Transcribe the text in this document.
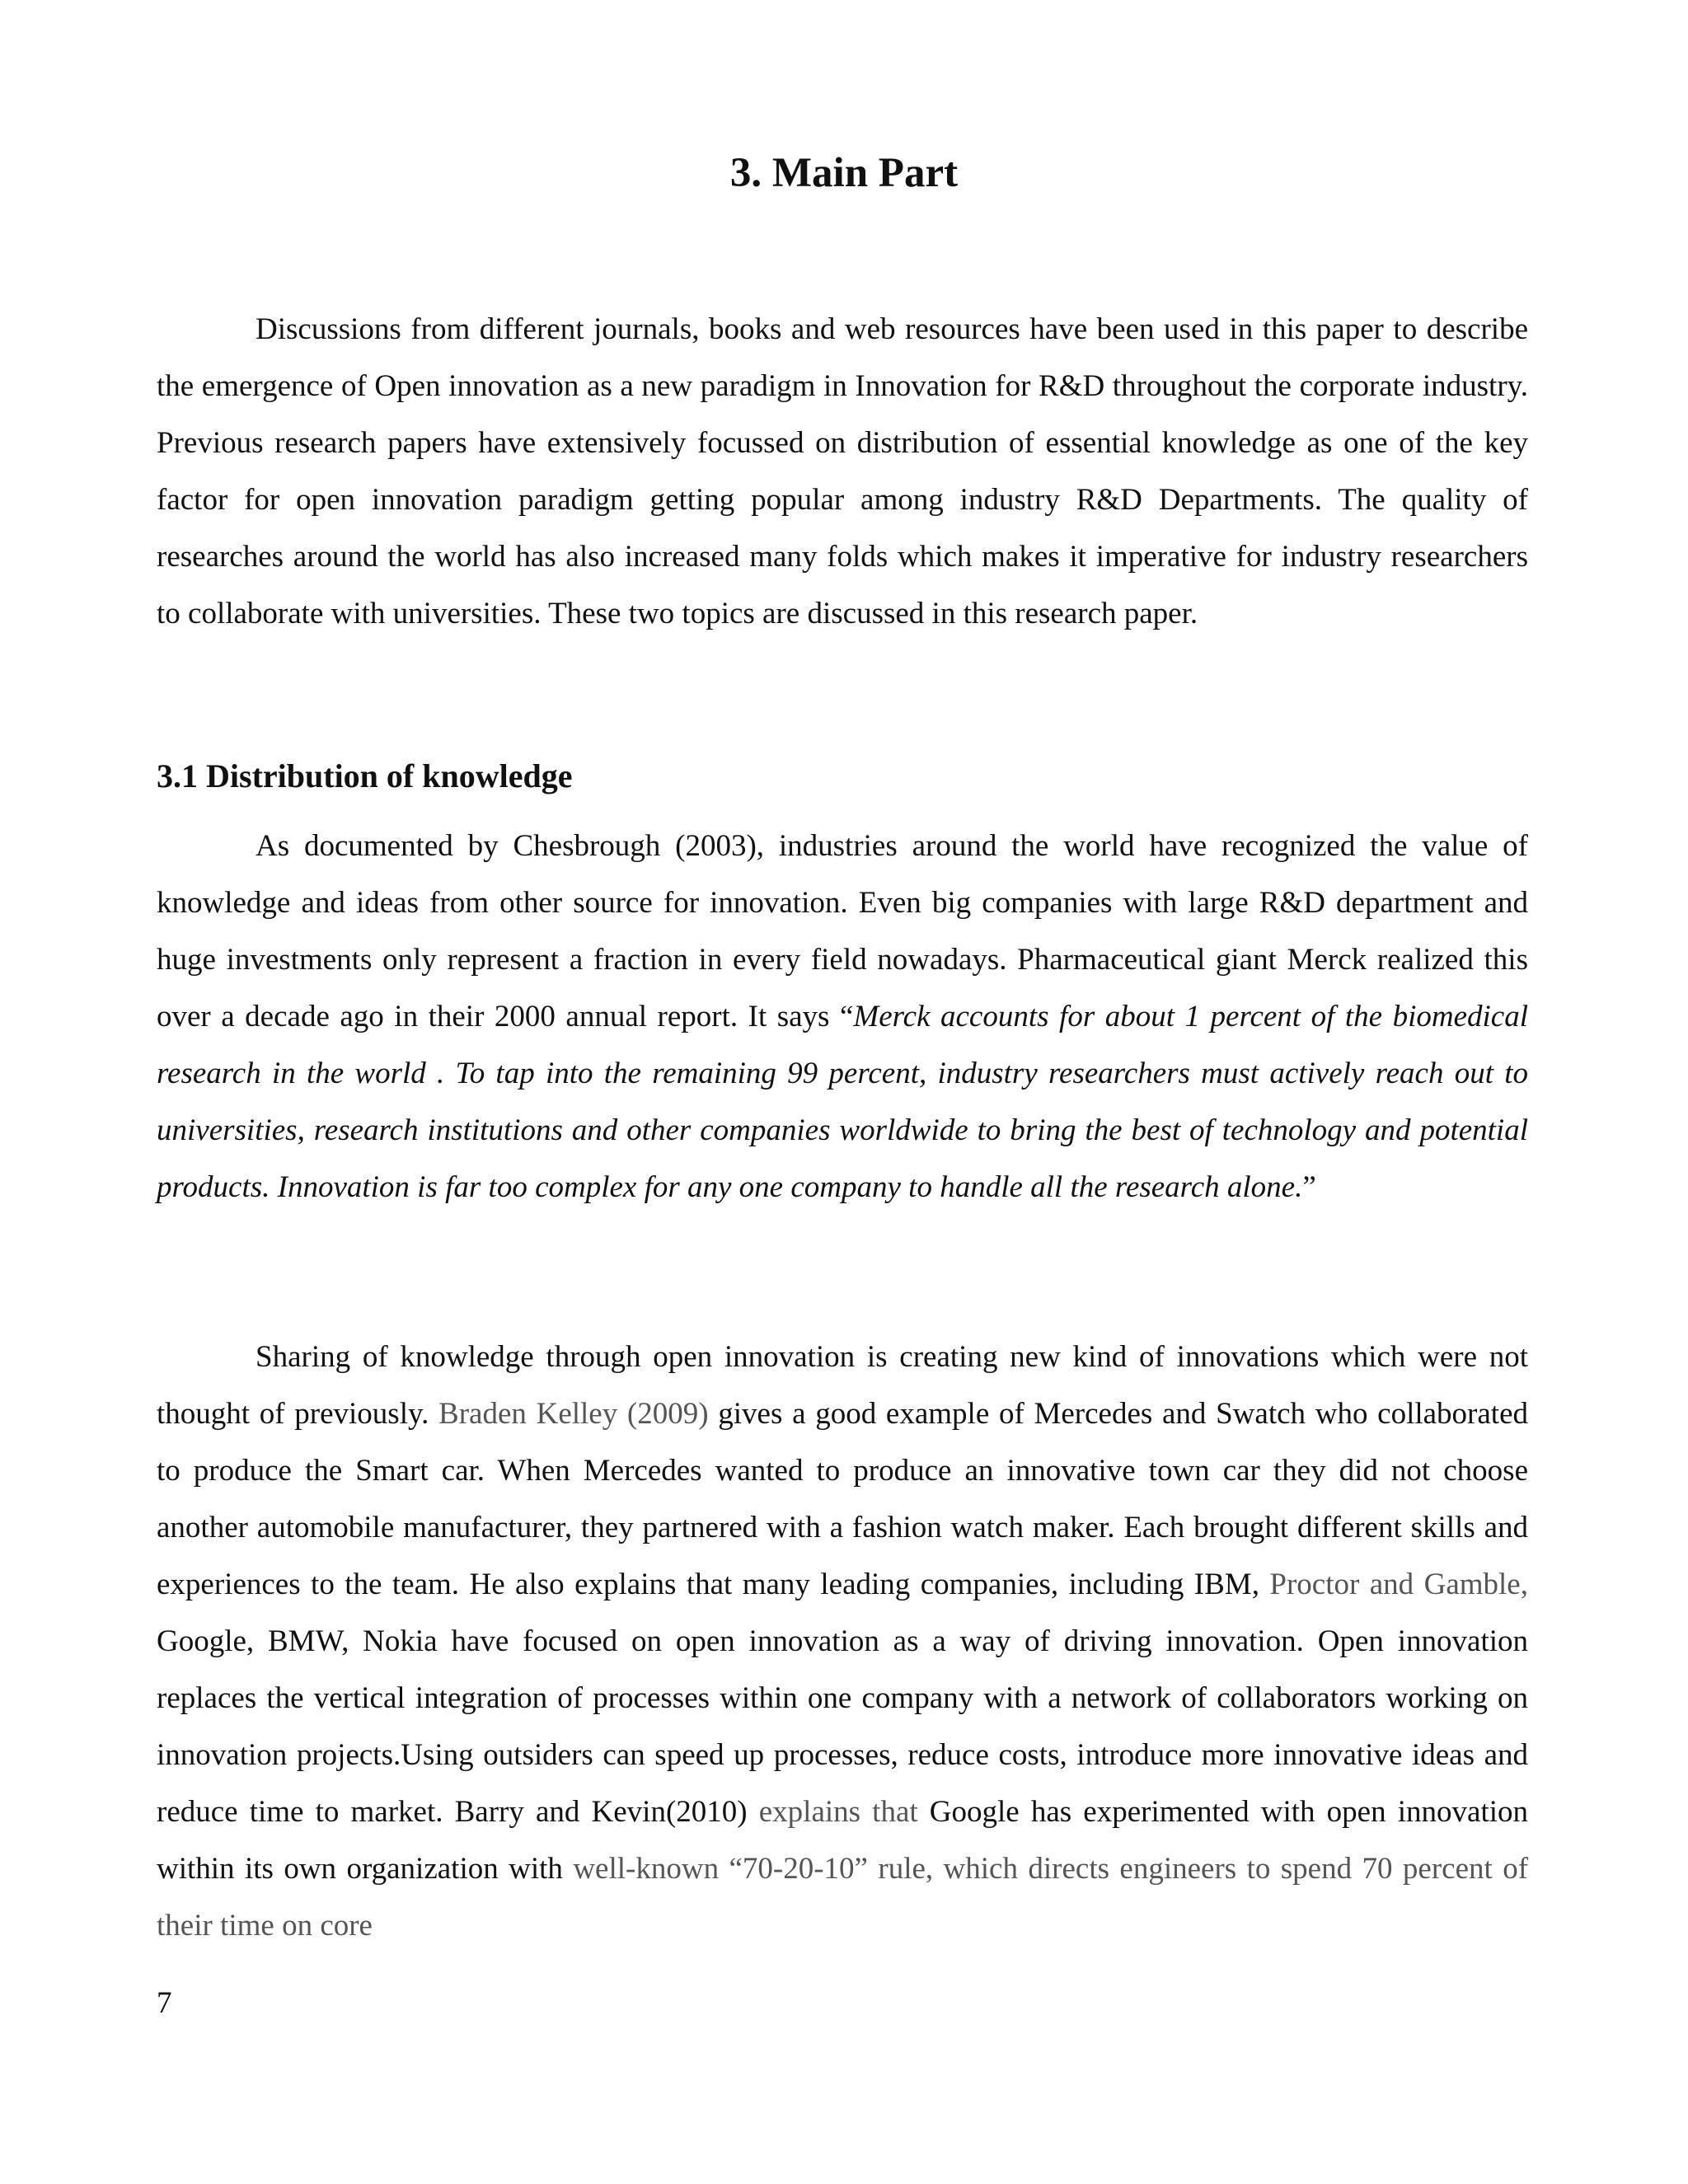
3. Main Part

Discussions from different journals, books and web resources have been used in this paper to describe the emergence of Open innovation as a new paradigm in Innovation for R&D throughout the corporate industry. Previous research papers have extensively focussed on distribution of essential knowledge as one of the key factor for open innovation paradigm getting popular among industry R&D Departments. The quality of researches around the world has also increased many folds which makes it imperative for industry researchers to collaborate with universities. These two topics are discussed in this research paper.

3.1 Distribution of knowledge

As documented by Chesbrough (2003), industries around the world have recognized the value of knowledge and ideas from other source for innovation. Even big companies with large R&D department and huge investments only represent a fraction in every field nowadays. Pharmaceutical giant Merck realized this over a decade ago in their 2000 annual report. It says “Merck accounts for about 1 percent of the biomedical research in the world . To tap into the remaining 99 percent, industry researchers must actively reach out to universities, research institutions and other companies worldwide to bring the best of technology and potential products. Innovation is far too complex for any one company to handle all the research alone.”

Sharing of knowledge through open innovation is creating new kind of innovations which were not thought of previously. Braden Kelley (2009) gives a good example of Mercedes and Swatch who collaborated to produce the Smart car. When Mercedes wanted to produce an innovative town car they did not choose another automobile manufacturer, they partnered with a fashion watch maker. Each brought different skills and experiences to the team. He also explains that many leading companies, including IBM, Proctor and Gamble, Google, BMW, Nokia have focused on open innovation as a way of driving innovation. Open innovation replaces the vertical integration of processes within one company with a network of collaborators working on innovation projects.Using outsiders can speed up processes, reduce costs, introduce more innovative ideas and reduce time to market. Barry and Kevin(2010) explains that Google has experimented with open innovation within its own organization with well-known “70-20-10” rule, which directs engineers to spend 70 percent of their time on core

7
